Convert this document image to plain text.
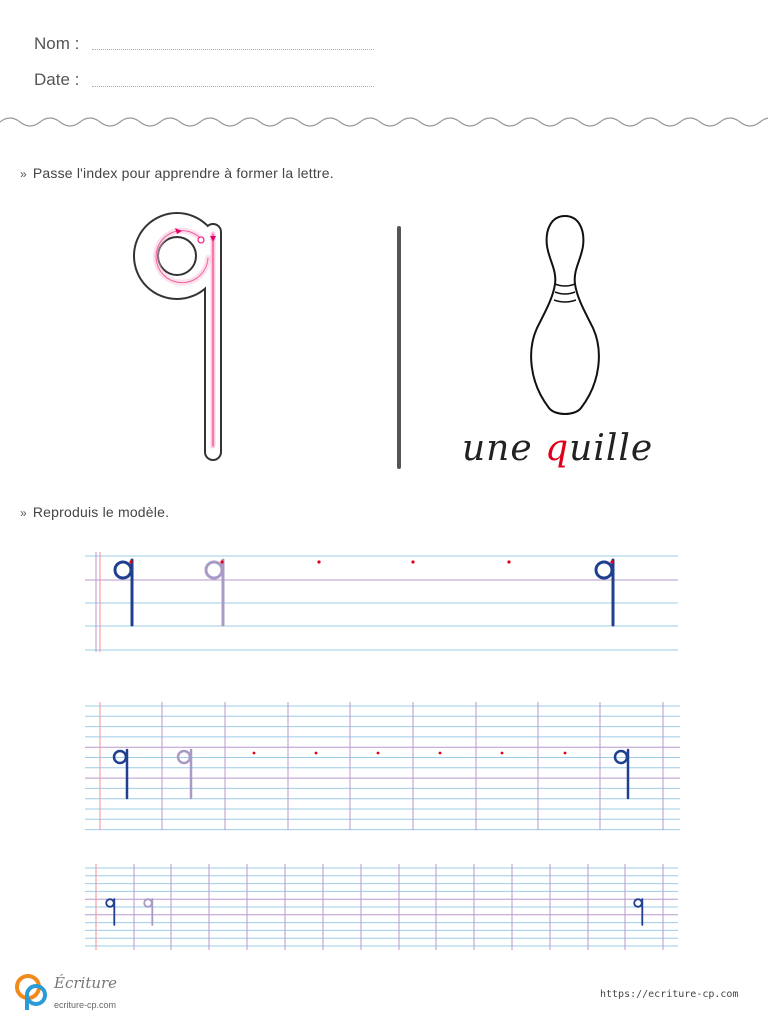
Nom :
Date :
» Passe l'index pour apprendre à former la lettre.
une quille
» Reproduis le modèle.
Écriture
ecriture-cp.com
https://ecriture-cp.com
